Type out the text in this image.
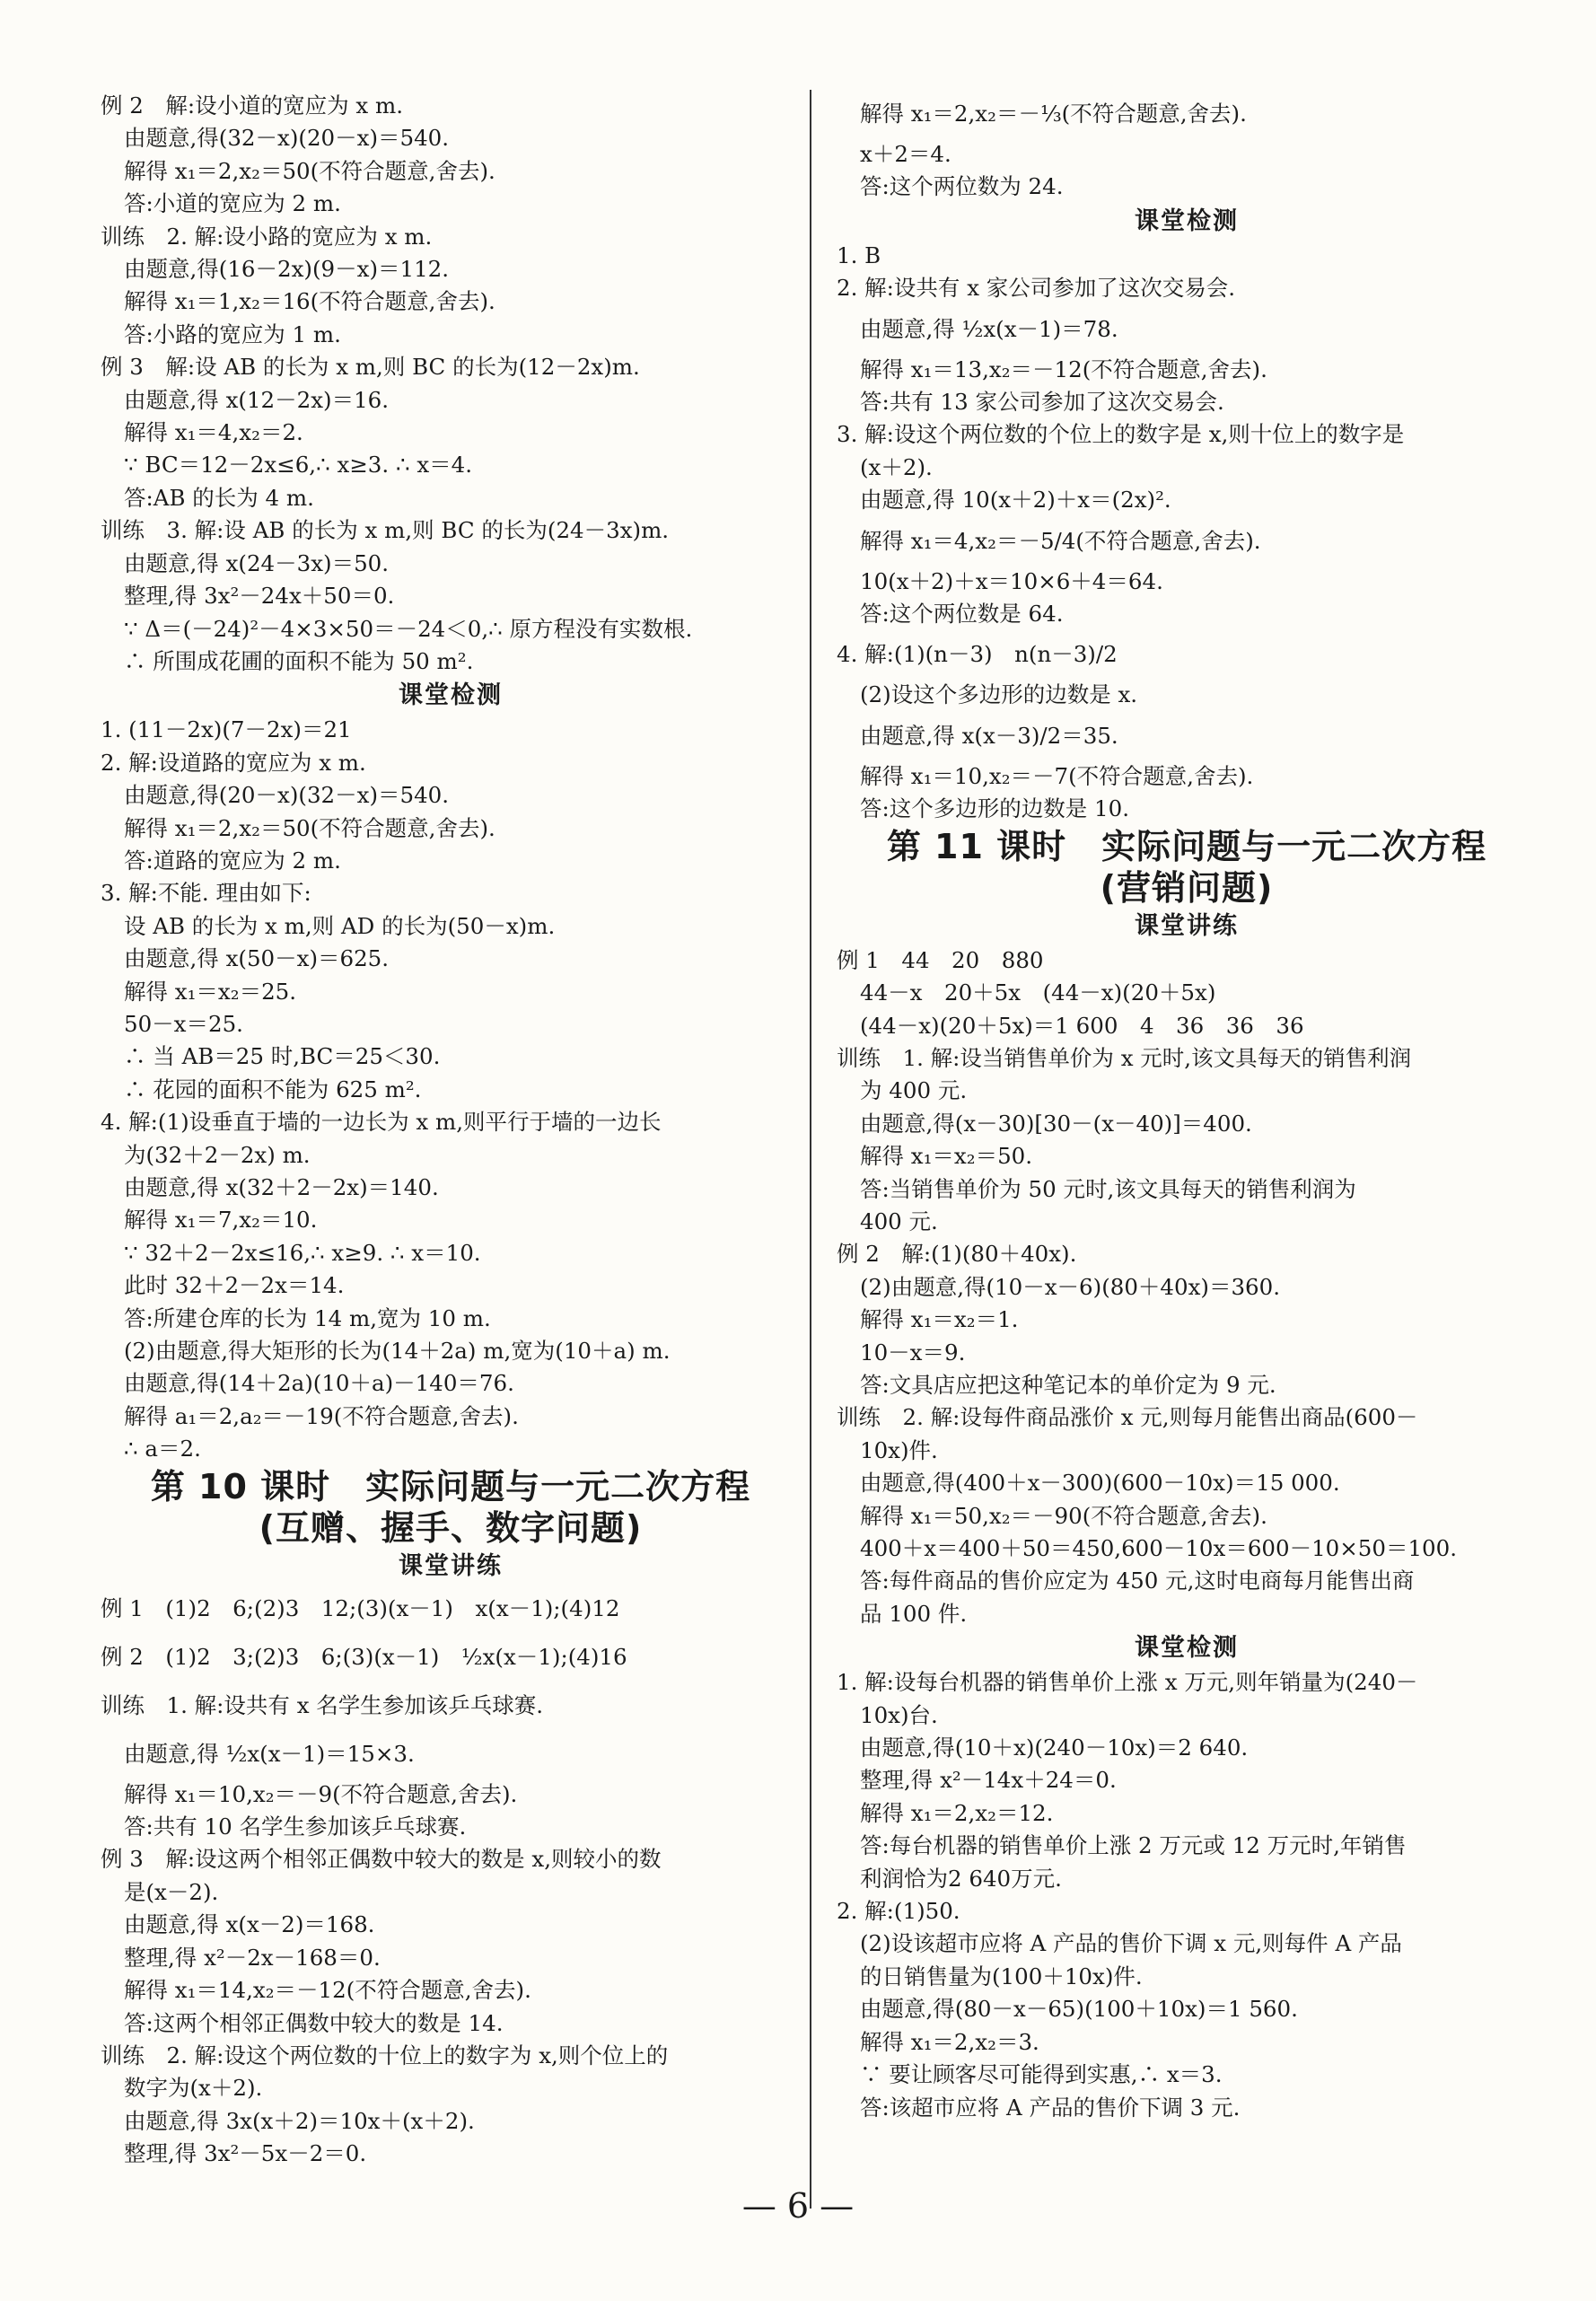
例 2　解:设小道的宽应为 x m.
由题意,得(32－x)(20－x)＝540.
解得 x₁＝2,x₂＝50(不符合题意,舍去).
答:小道的宽应为 2 m.
训练　2. 解:设小路的宽应为 x m.
由题意,得(16－2x)(9－x)＝112.
解得 x₁＝1,x₂＝16(不符合题意,舍去).
答:小路的宽应为 1 m.
例 3　解:设 AB 的长为 x m,则 BC 的长为(12－2x)m.
由题意,得 x(12－2x)＝16.
解得 x₁＝4,x₂＝2.
∵ BC＝12－2x≤6,∴ x≥3. ∴ x＝4.
答:AB 的长为 4 m.
训练　3. 解:设 AB 的长为 x m,则 BC 的长为(24－3x)m.
由题意,得 x(24－3x)＝50.
整理,得 3x²－24x＋50＝0.
∵ Δ＝(－24)²－4×3×50＝－24＜0,∴ 原方程没有实数根.
∴ 所围成花圃的面积不能为 50 m².
课堂检测
1. (11－2x)(7－2x)＝21
2. 解:设道路的宽应为 x m.
由题意,得(20－x)(32－x)＝540.
解得 x₁＝2,x₂＝50(不符合题意,舍去).
答:道路的宽应为 2 m.
3. 解:不能. 理由如下:
设 AB 的长为 x m,则 AD 的长为(50－x)m.
由题意,得 x(50－x)＝625.
解得 x₁＝x₂＝25.
50－x＝25.
∴ 当 AB＝25 时,BC＝25＜30.
∴ 花园的面积不能为 625 m².
4. 解:(1)设垂直于墙的一边长为 x m,则平行于墙的一边长
为(32＋2－2x) m.
由题意,得 x(32＋2－2x)＝140.
解得 x₁＝7,x₂＝10.
∵ 32＋2－2x≤16,∴ x≥9. ∴ x＝10.
此时 32＋2－2x＝14.
答:所建仓库的长为 14 m,宽为 10 m.
(2)由题意,得大矩形的长为(14＋2a) m,宽为(10＋a) m.
由题意,得(14＋2a)(10＋a)－140＝76.
解得 a₁＝2,a₂＝－19(不符合题意,舍去).
∴ a＝2.
第 10 课时　实际问题与一元二次方程
(互赠、握手、数字问题)
课堂讲练
例 1　(1)2　6;(2)3　12;(3)(x－1)　x(x－1);(4)12
例 2　(1)2　3;(2)3　6;(3)(x－1)　½x(x－1);(4)16
训练　1. 解:设共有 x 名学生参加该乒乓球赛.
由题意,得 ½x(x－1)＝15×3.
解得 x₁＝10,x₂＝－9(不符合题意,舍去).
答:共有 10 名学生参加该乒乓球赛.
例 3　解:设这两个相邻正偶数中较大的数是 x,则较小的数
是(x－2).
由题意,得 x(x－2)＝168.
整理,得 x²－2x－168＝0.
解得 x₁＝14,x₂＝－12(不符合题意,舍去).
答:这两个相邻正偶数中较大的数是 14.
训练　2. 解:设这个两位数的十位上的数字为 x,则个位上的
数字为(x＋2).
由题意,得 3x(x＋2)＝10x＋(x＋2).
整理,得 3x²－5x－2＝0.
解得 x₁＝2,x₂＝－⅓(不符合题意,舍去).
x＋2＝4.
答:这个两位数为 24.
课堂检测
1. B
2. 解:设共有 x 家公司参加了这次交易会.
由题意,得 ½x(x－1)＝78.
解得 x₁＝13,x₂＝－12(不符合题意,舍去).
答:共有 13 家公司参加了这次交易会.
3. 解:设这个两位数的个位上的数字是 x,则十位上的数字是
(x＋2).
由题意,得 10(x＋2)＋x＝(2x)².
解得 x₁＝4,x₂＝－5/4(不符合题意,舍去).
10(x＋2)＋x＝10×6＋4＝64.
答:这个两位数是 64.
4. 解:(1)(n－3)　n(n－3)/2
(2)设这个多边形的边数是 x.
由题意,得 x(x－3)/2＝35.
解得 x₁＝10,x₂＝－7(不符合题意,舍去).
答:这个多边形的边数是 10.
第 11 课时　实际问题与一元二次方程
(营销问题)
课堂讲练
例 1　44　20　880
44－x　20＋5x　(44－x)(20＋5x)
(44－x)(20＋5x)＝1 600　4　36　36　36
训练　1. 解:设当销售单价为 x 元时,该文具每天的销售利润
为 400 元.
由题意,得(x－30)[30－(x－40)]＝400.
解得 x₁＝x₂＝50.
答:当销售单价为 50 元时,该文具每天的销售利润为
400 元.
例 2　解:(1)(80＋40x).
(2)由题意,得(10－x－6)(80＋40x)＝360.
解得 x₁＝x₂＝1.
10－x＝9.
答:文具店应把这种笔记本的单价定为 9 元.
训练　2. 解:设每件商品涨价 x 元,则每月能售出商品(600－
10x)件.
由题意,得(400＋x－300)(600－10x)＝15 000.
解得 x₁＝50,x₂＝－90(不符合题意,舍去).
400＋x＝400＋50＝450,600－10x＝600－10×50＝100.
答:每件商品的售价应定为 450 元,这时电商每月能售出商
品 100 件.
课堂检测
1. 解:设每台机器的销售单价上涨 x 万元,则年销量为(240－
10x)台.
由题意,得(10＋x)(240－10x)＝2 640.
整理,得 x²－14x＋24＝0.
解得 x₁＝2,x₂＝12.
答:每台机器的销售单价上涨 2 万元或 12 万元时,年销售
利润恰为2 640万元.
2. 解:(1)50.
(2)设该超市应将 A 产品的售价下调 x 元,则每件 A 产品
的日销售量为(100＋10x)件.
由题意,得(80－x－65)(100＋10x)＝1 560.
解得 x₁＝2,x₂＝3.
∵ 要让顾客尽可能得到实惠,∴ x＝3.
答:该超市应将 A 产品的售价下调 3 元.
— 6 —
